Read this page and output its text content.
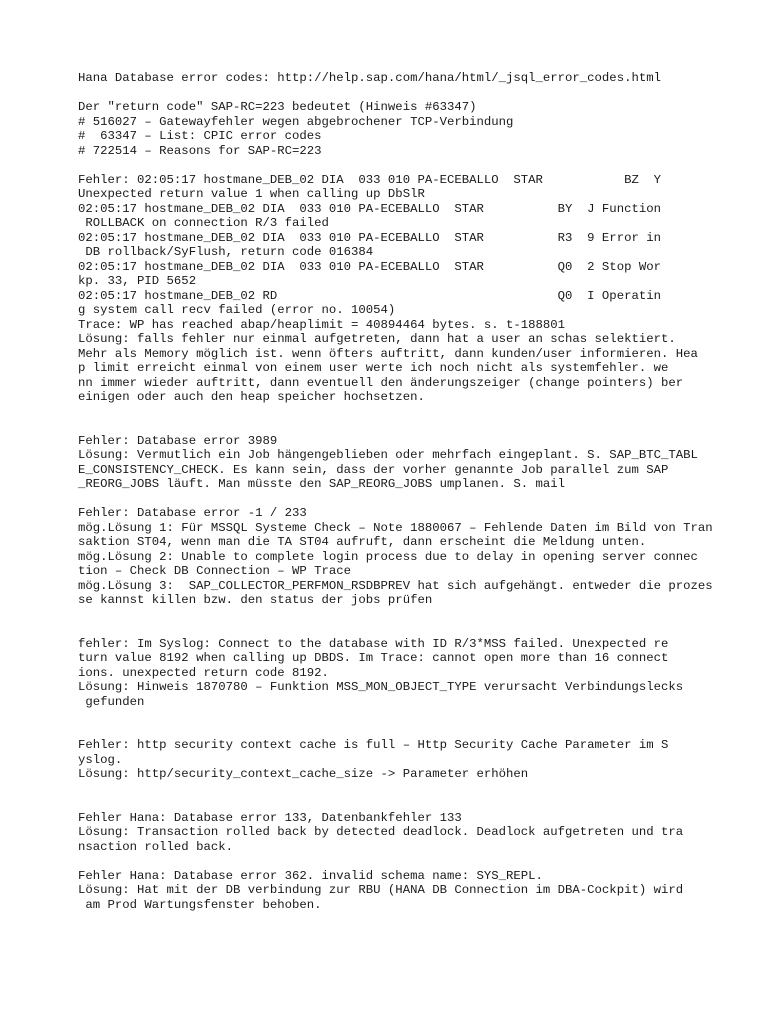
Hana Database error codes: http://help.sap.com/hana/html/_jsql_error_codes.html
Der "return code" SAP-RC=223 bedeutet (Hinweis #63347)
# 516027 – Gatewayfehler wegen abgebrochener TCP-Verbindung
#  63347 – List: CPIC error codes
# 722514 – Reasons for SAP-RC=223
Fehler: 02:05:17 hostmane_DEB_02 DIA  033 010 PA-ECEBALLO  STAR           BZ  Y
Unexpected return value 1 when calling up DbSlR
02:05:17 hostmane_DEB_02 DIA  033 010 PA-ECEBALLO  STAR          BY  J Function
ROLLBACK on connection R/3 failed
02:05:17 hostmane_DEB_02 DIA  033 010 PA-ECEBALLO  STAR          R3  9 Error in
DB rollback/SyFlush, return code 016384
02:05:17 hostmane_DEB_02 DIA  033 010 PA-ECEBALLO  STAR          Q0  2 Stop Wor
kp. 33, PID 5652
02:05:17 hostmane_DEB_02 RD                                      Q0  I Operatin
g system call recv failed (error no. 10054)
Trace: WP has reached abap/heaplimit = 40894464 bytes. s. t-188801
Lösung: falls fehler nur einmal aufgetreten, dann hat a user an schas selektiert.
Mehr als Memory möglich ist. wenn öfters auftritt, dann kunden/user informieren. Hea
p limit erreicht einmal von einem user werte ich noch nicht als systemfehler. we
nn immer wieder auftritt, dann eventuell den änderungszeiger (change pointers) ber
einigen oder auch den heap speicher hochsetzen.
Fehler: Database error 3989
Lösung: Vermutlich ein Job hängengeblieben oder mehrfach eingeplant. S. SAP_BTC_TABL
E_CONSISTENCY_CHECK. Es kann sein, dass der vorher genannte Job parallel zum SAP
_REORG_JOBS läuft. Man müsste den SAP_REORG_JOBS umplanen. S. mail
Fehler: Database error -1 / 233
mög.Lösung 1: Für MSSQL Systeme Check – Note 1880067 – Fehlende Daten im Bild von Tran
saktion ST04, wenn man die TA ST04 aufruft, dann erscheint die Meldung unten.
mög.Lösung 2: Unable to complete login process due to delay in opening server connec
tion – Check DB Connection – WP Trace
mög.Lösung 3:  SAP_COLLECTOR_PERFMON_RSDBPREV hat sich aufgehängt. entweder die prozes
se kannst killen bzw. den status der jobs prüfen
fehler: Im Syslog: Connect to the database with ID R/3*MSS failed. Unexpected re
turn value 8192 when calling up DBDS. Im Trace: cannot open more than 16 connect
ions. unexpected return code 8192.
Lösung: Hinweis 1870780 – Funktion MSS_MON_OBJECT_TYPE verursacht Verbindungslecks
gefunden
Fehler: http security context cache is full – Http Security Cache Parameter im S
yslog.
Lösung: http/security_context_cache_size -> Parameter erhöhen
Fehler Hana: Database error 133, Datenbankfehler 133
Lösung: Transaction rolled back by detected deadlock. Deadlock aufgetreten und tra
nsaction rolled back.
Fehler Hana: Database error 362. invalid schema name: SYS_REPL.
Lösung: Hat mit der DB verbindung zur RBU (HANA DB Connection im DBA-Cockpit) wird
am Prod Wartungsfenster behoben.
